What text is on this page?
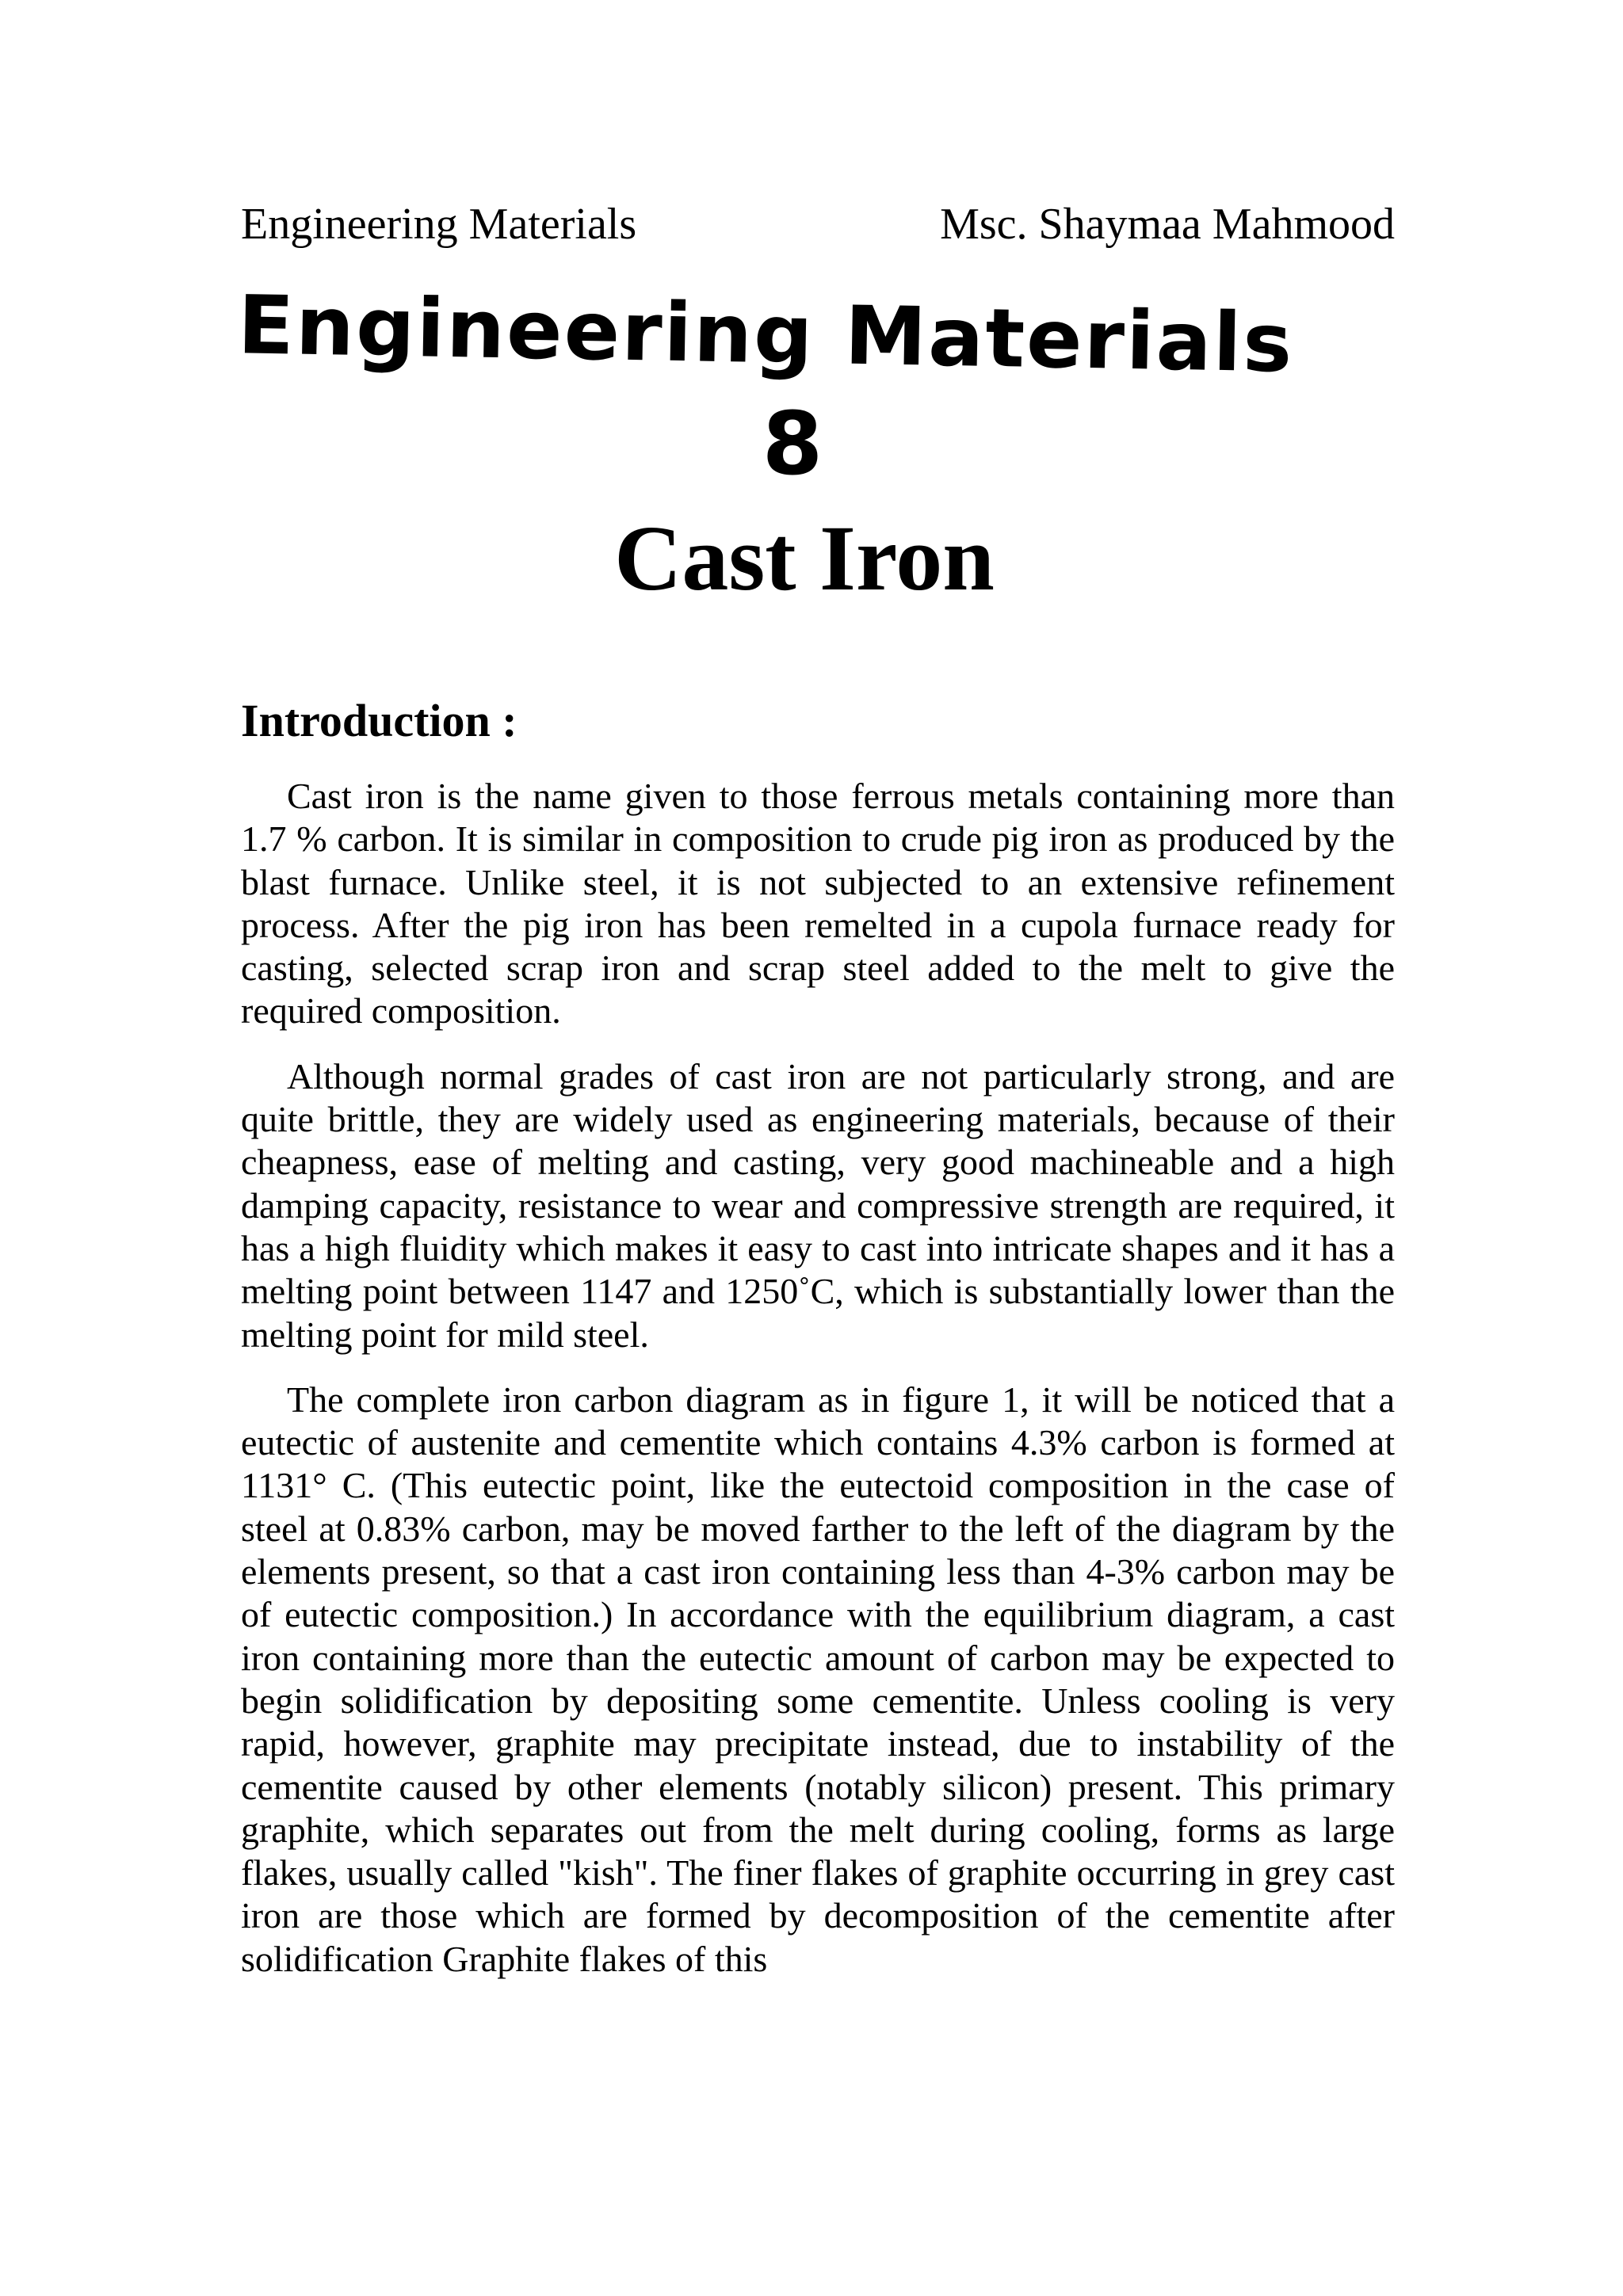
Engineering Materials	Msc. Shaymaa Mahmood
Engineering Materials
8
Cast Iron
Introduction :

Cast iron is the name given to those ferrous metals containing more than 1.7 % carbon. It is similar in composition to crude pig iron as produced by the blast furnace. Unlike steel, it is not subjected to an extensive refinement process. After the pig iron has been remelted in a cupola furnace ready for casting, selected scrap iron and scrap steel added to the melt to give the required composition.

Although normal grades of cast iron are not particularly strong, and are quite brittle, they are widely used as engineering materials, because of their cheapness, ease of melting and casting, very good machineable and a high damping capacity, resistance to wear and compressive strength are required, it has a high fluidity which makes it easy to cast into intricate shapes and it has a melting point between 1147 and 1250˚C, which is substantially lower than the melting point for mild steel.

The complete iron carbon diagram as in figure 1, it will be noticed that a eutectic of austenite and cementite which contains 4.3% carbon is formed at 1131° C. (This eutectic point, like the eutectoid composition in the case of steel at 0.83% carbon, may be moved farther to the left of the diagram by the elements present, so that a cast iron containing less than 4-3% carbon may be of eutectic composition.) In accordance with the equilibrium diagram, a cast iron containing more than the eutectic amount of carbon may be expected to begin solidification by depositing some cementite. Unless cooling is very rapid, however, graphite may precipitate instead, due to instability of the cementite caused by other elements (notably silicon) present. This primary graphite, which separates out from the melt during cooling, forms as large flakes, usually called "kish". The finer flakes of graphite occurring in grey cast iron are those which are formed by decomposition of the cementite after solidification Graphite flakes of this
